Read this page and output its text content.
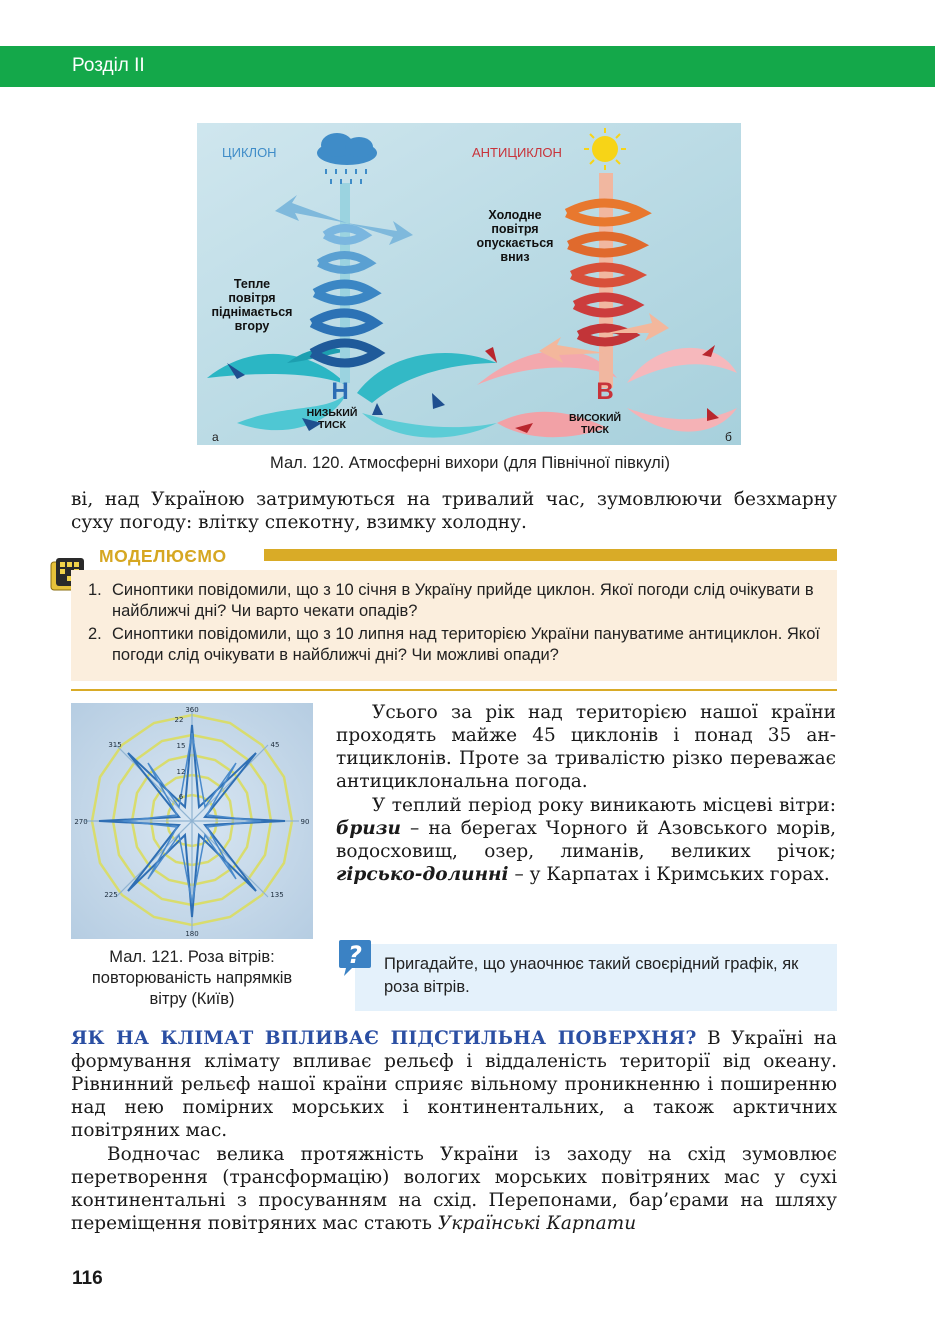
Розділ II
ЦИКЛОН	АНТИЦИКЛОН
Тепле
повітря
піднімається
вгору
Холодне
повітря
опускається
вниз
Н	В
НИЗЬКИЙ
ТИСК
ВИСОКИЙ
ТИСК
а	б
Мал. 120. Атмосферні вихори (для Північної півкулі)
ві, над Україною затримуються на тривалий час, зумовлюючи безхмарну суху погоду: влітку спекотну, взимку холодну.
МОДЕЛЮЄМО
1. Синоптики повідомили, що з 10 січня в Україну прийде циклон. Якої погоди слід очікувати в найближчі дні? Чи варто чекати опадів?
2. Синоптики повідомили, що з 10 липня над територією України пануватиме антициклон. Якої погоди слід очікувати в найближчі дні? Чи можливі опади?
360
22
45
90
135
180
225
270
315	15
12
6
Мал. 121. Роза вітрів: повторюваність напрямків вітру (Київ)
Усього за рік над територією нашої країни проходять майже 45 циклонів і понад 35 антициклонів. Проте за тривалістю різко переважає антициклональна погода.
У теплий період року виникають місцеві вітри: бризи – на берегах Чорного й Азовського морів, водосховищ, озер, лиманів, великих річок; гірсько-долинні – у Карпатах і Кримських горах.
? Пригадайте, що унаочнює такий своєрідний графік, як роза вітрів.
ЯК НА КЛІМАТ ВПЛИВАЄ ПІДСТИЛЬНА ПОВЕРХНЯ? В Україні на формування клімату впливає рельєф і віддаленість території від океану. Рівнинний рельєф нашої країни сприяє вільному проникненню і поширенню над нею помірних морських і континентальних, а також арктичних повітряних мас.
Водночас велика протяжність України із заходу на схід зумовлює перетворення (трансформацію) вологих морських повітряних мас у сухі континентальні з просуванням на схід. Перепонами, бар’єрами на шляху переміщення повітряних мас стають Українські Карпати
116
